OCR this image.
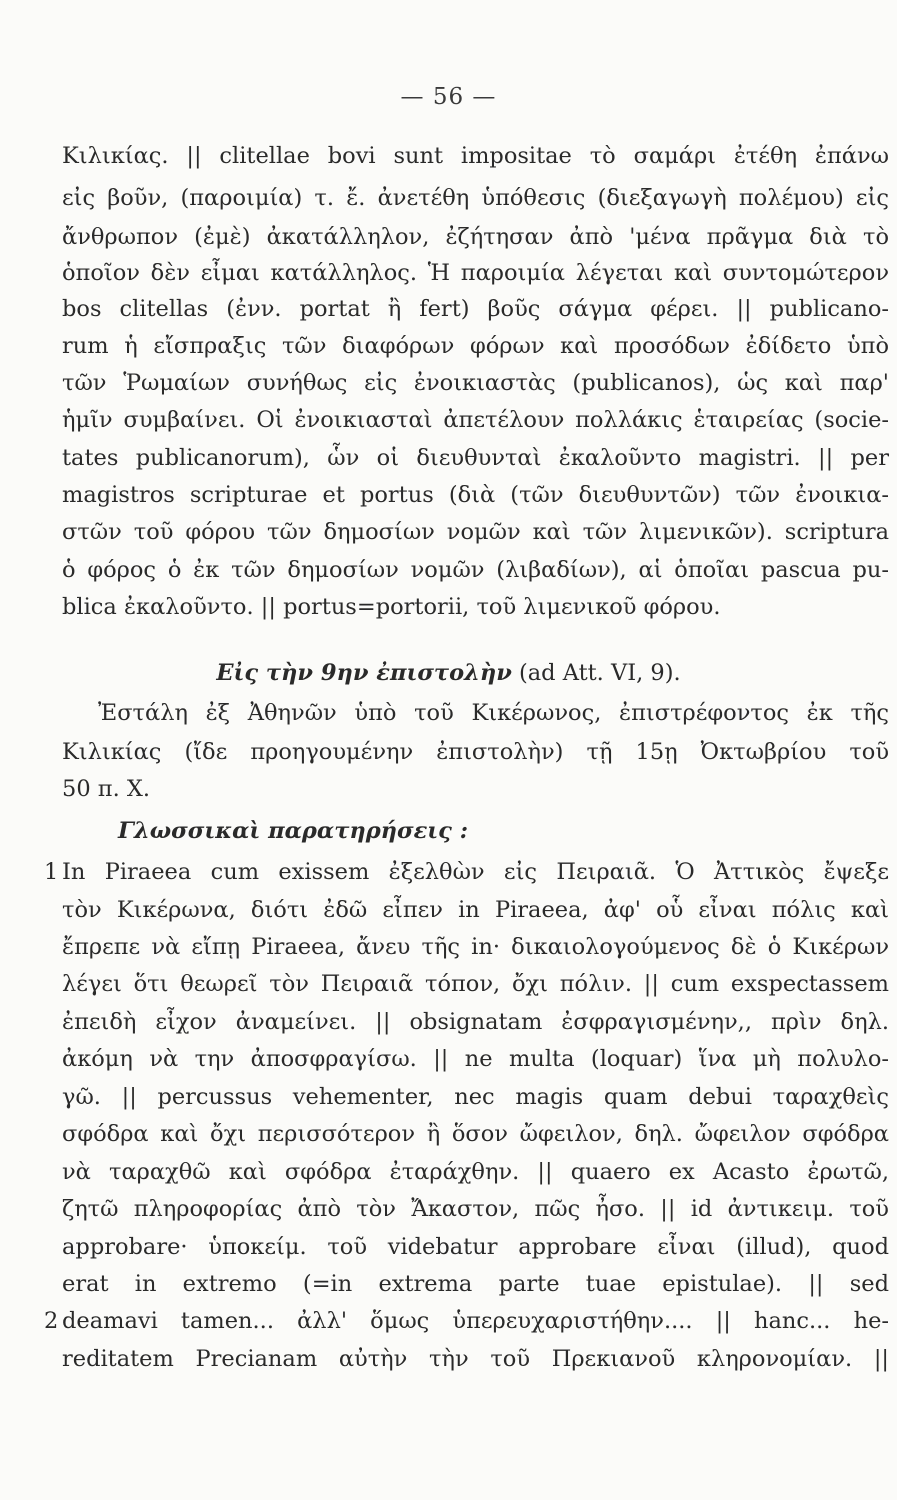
— 56 —
Κιλικίας. || clitellae bovi sunt impositae τὸ σαμάρι ἐτέθη ἐπάνω
εἰς βοῦν, (παροιμία) τ. ἔ. ἀνετέθη ὑπόθεσις (διεξαγωγὴ πολέμου) εἰς
ἄνθρωπον (ἐμὲ) ἀκατάλληλον, ἐζήτησαν ἀπὸ 'μένα πρᾶγμα διὰ τὸ
ὁποῖον δὲν εἶμαι κατάλληλος. Ἡ παροιμία λέγεται καὶ συντομώτερον
bos clitellas (ἐνν. portat ἢ fert) βοῦς σάγμα φέρει. || publicano-
rum ἡ εἴσπραξις τῶν διαφόρων φόρων καὶ προσόδων ἐδίδετο ὑπὸ
τῶν Ῥωμαίων συνήθως εἰς ἐνοικιαστὰς (publicanos), ὡς καὶ παρ'
ἡμῖν συμβαίνει. Οἱ ἐνοικιασταὶ ἀπετέλουν πολλάκις ἑταιρείας (socie-
tates publicanorum), ὧν οἱ διευθυνταὶ ἐκαλοῦντο magistri. || per
magistros scripturae et portus (διὰ (τῶν διευθυντῶν) τῶν ἐνοικια-
στῶν τοῦ φόρου τῶν δημοσίων νομῶν καὶ τῶν λιμενικῶν). scriptura
ὁ φόρος ὁ ἐκ τῶν δημοσίων νομῶν (λιβαδίων), αἱ ὁποῖαι pascua pu-
blica ἐκαλοῦντο. || portus=portorii, τοῦ λιμενικοῦ φόρου.
Εἰς τὴν 9ην ἐπιστολὴν (ad Att. VI, 9).
Ἐστάλη ἐξ Ἀθηνῶν ὑπὸ τοῦ Κικέρωνος, ἐπιστρέφοντος ἐκ τῆς
Κιλικίας (ἴδε προηγουμένην ἐπιστολὴν) τῇ 15ῃ Ὀκτωβρίου τοῦ
50 π. Χ.
Γλωσσικαὶ παρατηρήσεις :
1 In Piraeea cum exissem ἐξελθὼν εἰς Πειραιᾶ. Ὁ Ἀττικὸς ἔψεξε
τὸν Κικέρωνα, διότι ἐδῶ εἶπεν in Piraeea, ἀφ' οὗ εἶναι πόλις καὶ
ἔπρεπε νὰ εἴπῃ Piraeea, ἄνευ τῆς in· δικαιολογούμενος δὲ ὁ Κικέρων
λέγει ὅτι θεωρεῖ τὸν Πειραιᾶ τόπον, ὄχι πόλιν. || cum exspectassem
ἐπειδὴ εἶχον ἀναμείνει. || obsignatam ἐσφραγισμένην,, πρὶν δηλ.
ἀκόμη νὰ την ἀποσφραγίσω. || ne multa (loquar) ἵνα μὴ πολυλο-
γῶ. || percussus vehementer, nec magis quam debui ταραχθεὶς
σφόδρα καὶ ὄχι περισσότερον ἢ ὅσον ὤφειλον, δηλ. ὤφειλον σφόδρα
νὰ ταραχθῶ καὶ σφόδρα ἐταράχθην. || quaero ex Acasto ἐρωτῶ,
ζητῶ πληροφορίας ἀπὸ τὸν Ἄκαστον, πῶς ἦσο. || id ἀντικειμ. τοῦ
approbare· ὑποκείμ. τοῦ videbatur approbare εἶναι (illud), quod
erat in extremo (=in extrema parte tuae epistulae). || sed
2 deamavi tamen... ἀλλ' ὅμως ὑπερευχαριστήθην.... || hanc... he-
reditatem Precianam αὐτὴν τὴν τοῦ Πρεκιανοῦ κληρονομίαν. ||
